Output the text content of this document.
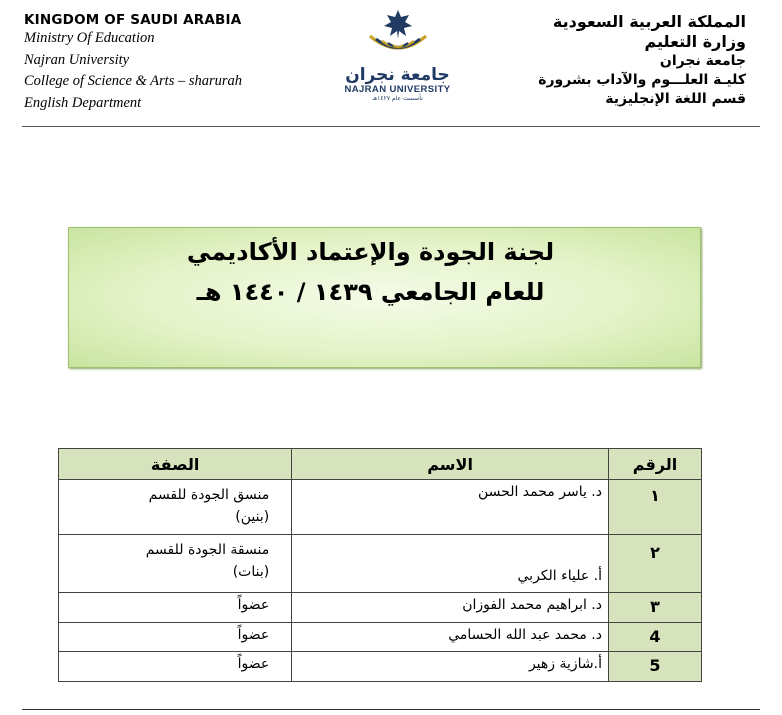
KINGDOM OF SAUDI ARABIA
Ministry Of Education
Najran University
College of Science & Arts – sharurah
English Department
جامعة نجران
NAJRAN UNIVERSITY
تأسست عام ١٤٢٧هـ
المملكة العربية السعودية
وزارة التعليم
جامعة نجران
كليـة العلـــوم والآداب بشرورة
قسم اللغة الإنجليزية
لجنة الجودة والإعتماد الأكاديمي
للعام الجامعي ١٤٣٩ / ١٤٤٠ هـ
الرقم	الاسم	الصفة
١	د. ياسر محمد الحسن	منسق الجودة للقسم
(بنين)

٢	أ. علياء الكربي	منسقة الجودة للقسم
(بنات)

٣	د. ابراهيم محمد الفوزان	عضواً
4	د. محمد عبد الله الحسامي	عضواً
5	أ.شازية زهير	عضواً
